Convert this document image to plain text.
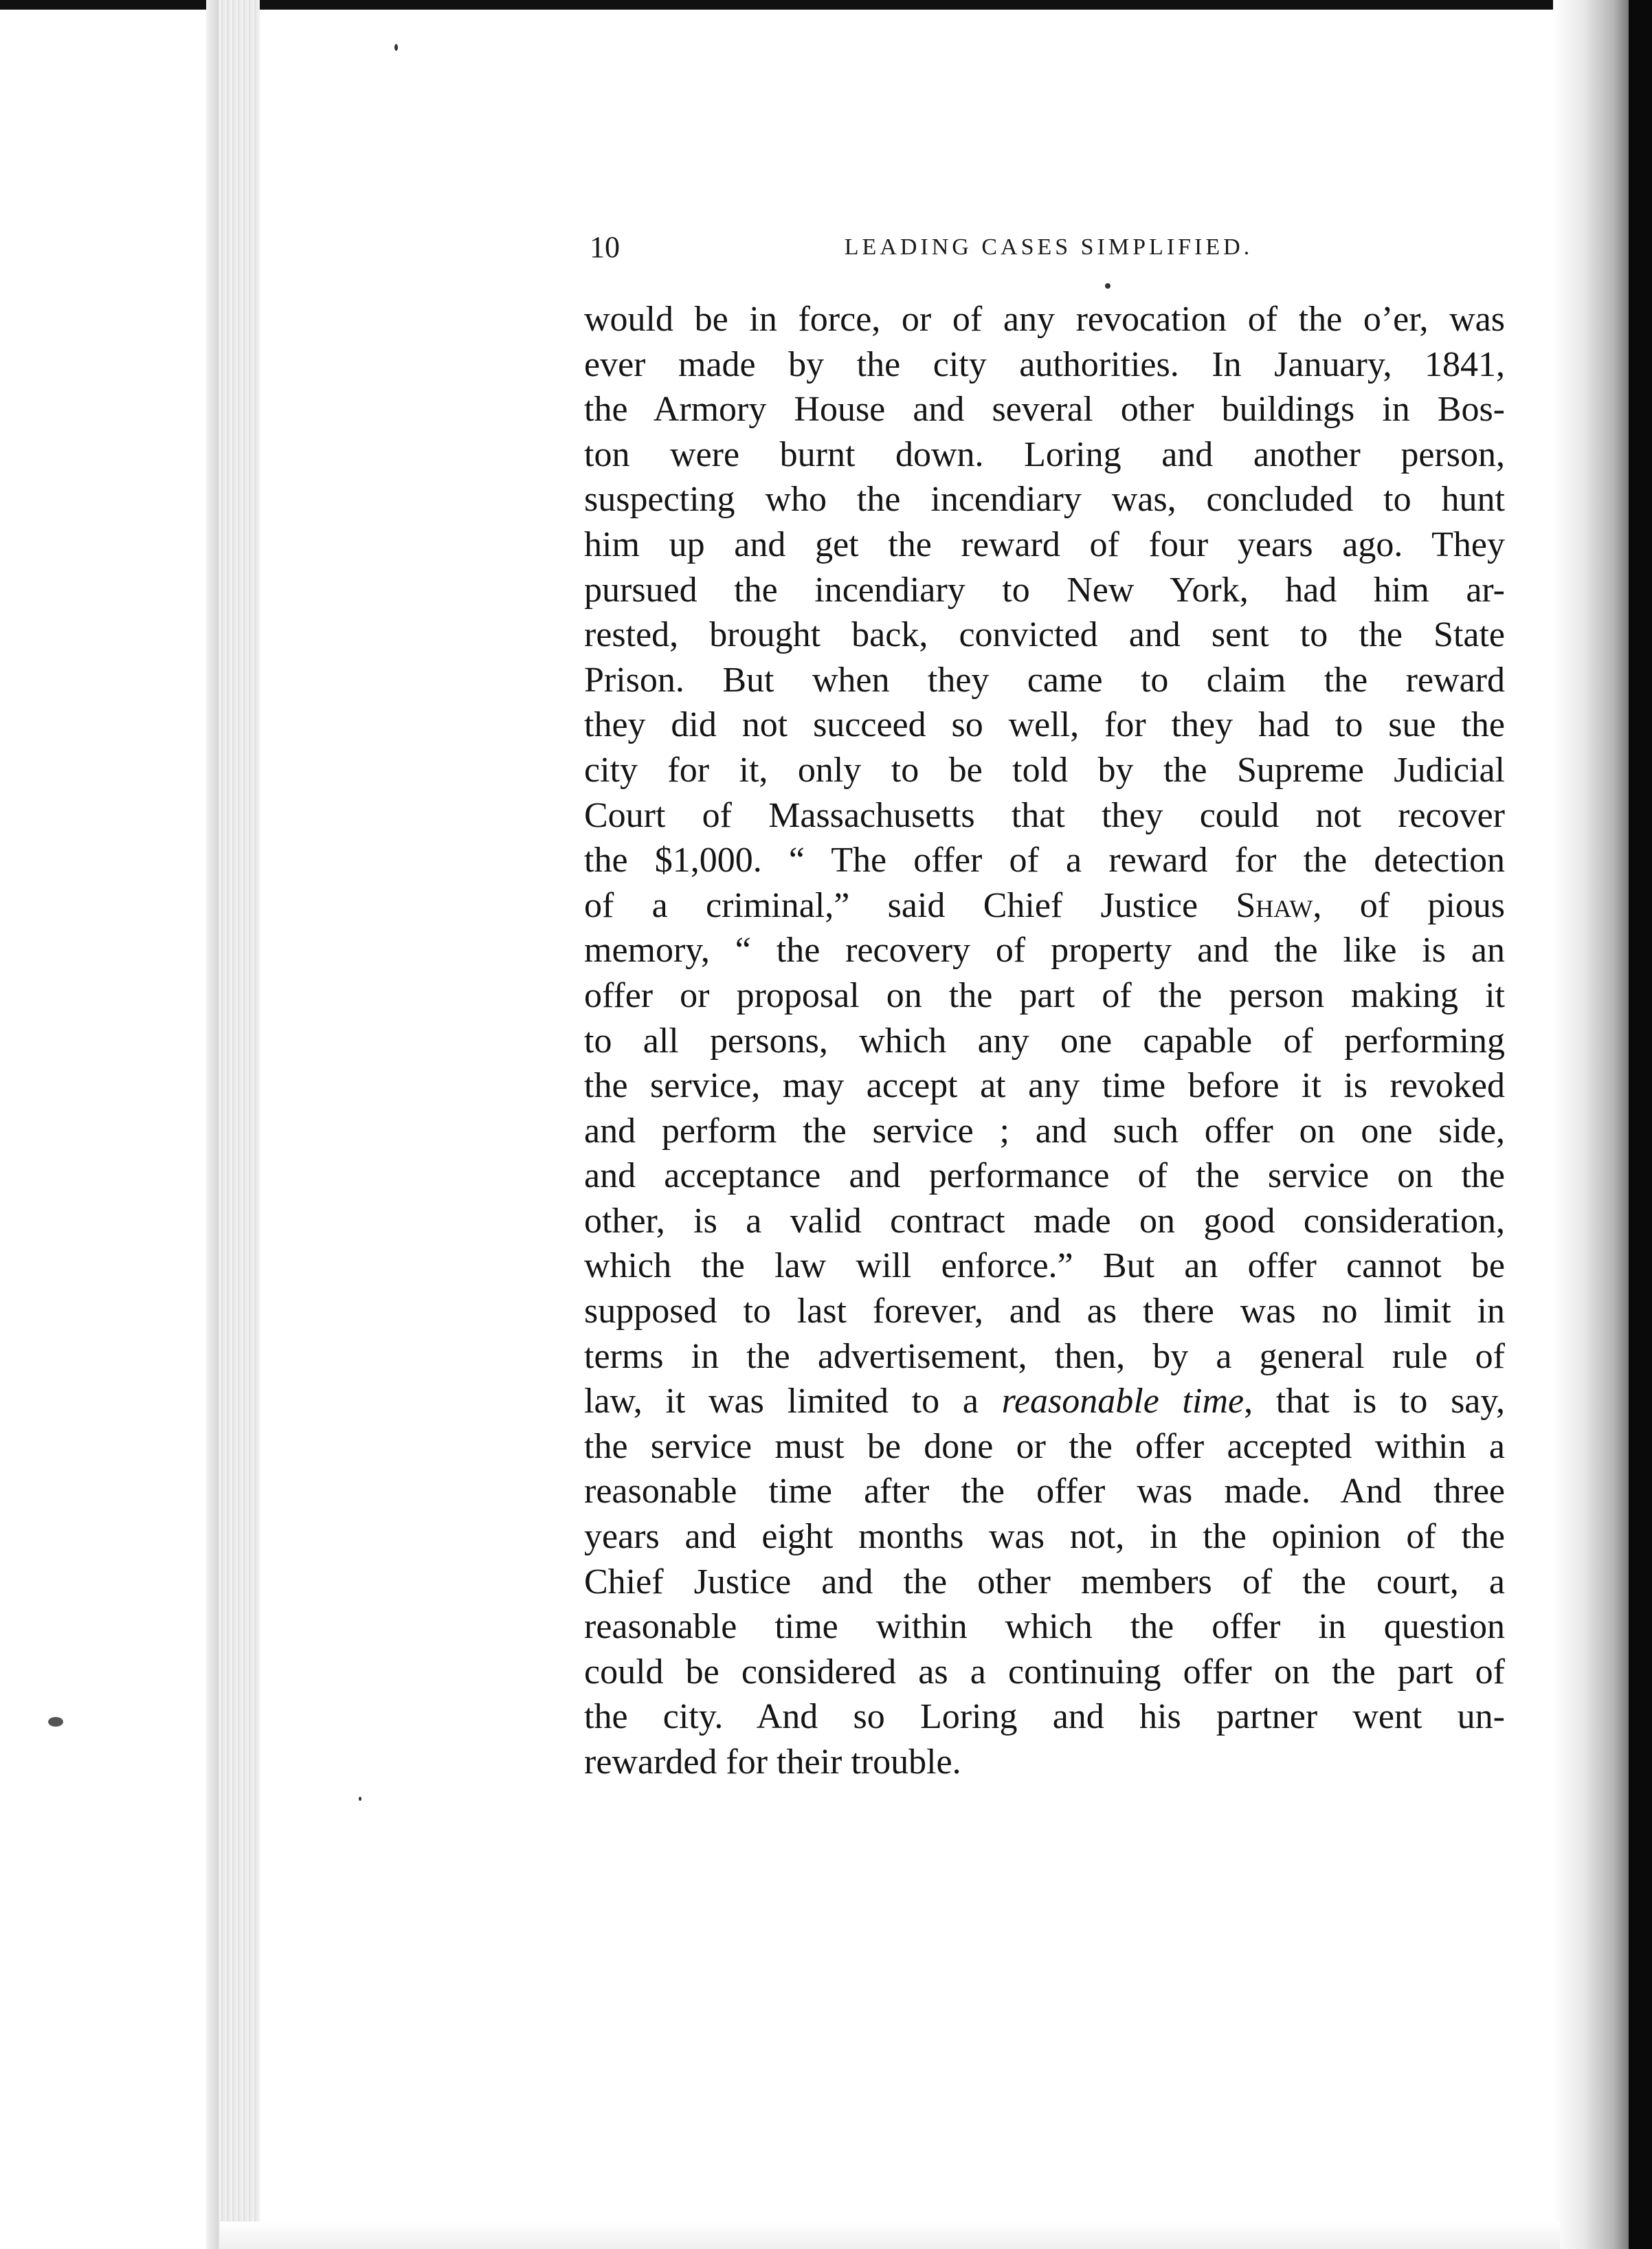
10	LEADING CASES SIMPLIFIED.
would be in force, or of any revocation of the o’er, was
ever made by the city authorities. In January, 1841,
the Armory House and several other buildings in Bos-
ton were burnt down. Loring and another person,
suspecting who the incendiary was, concluded to hunt
him up and get the reward of four years ago. They
pursued the incendiary to New York, had him ar-
rested, brought back, convicted and sent to the State
Prison. But when they came to claim the reward
they did not succeed so well, for they had to sue the
city for it, only to be told by the Supreme Judicial
Court of Massachusetts that they could not recover
the $1,000. “ The offer of a reward for the detection
of a criminal,” said Chief Justice Shaw, of pious
memory, “ the recovery of property and the like is an
offer or proposal on the part of the person making it
to all persons, which any one capable of performing
the service, may accept at any time before it is revoked
and perform the service ; and such offer on one side,
and acceptance and performance of the service on the
other, is a valid contract made on good consideration,
which the law will enforce.” But an offer cannot be
supposed to last forever, and as there was no limit in
terms in the advertisement, then, by a general rule of
law, it was limited to a reasonable time, that is to say,
the service must be done or the offer accepted within a
reasonable time after the offer was made. And three
years and eight months was not, in the opinion of the
Chief Justice and the other members of the court, a
reasonable time within which the offer in question
could be considered as a continuing offer on the part of
the city. And so Loring and his partner went un-
rewarded for their trouble.
